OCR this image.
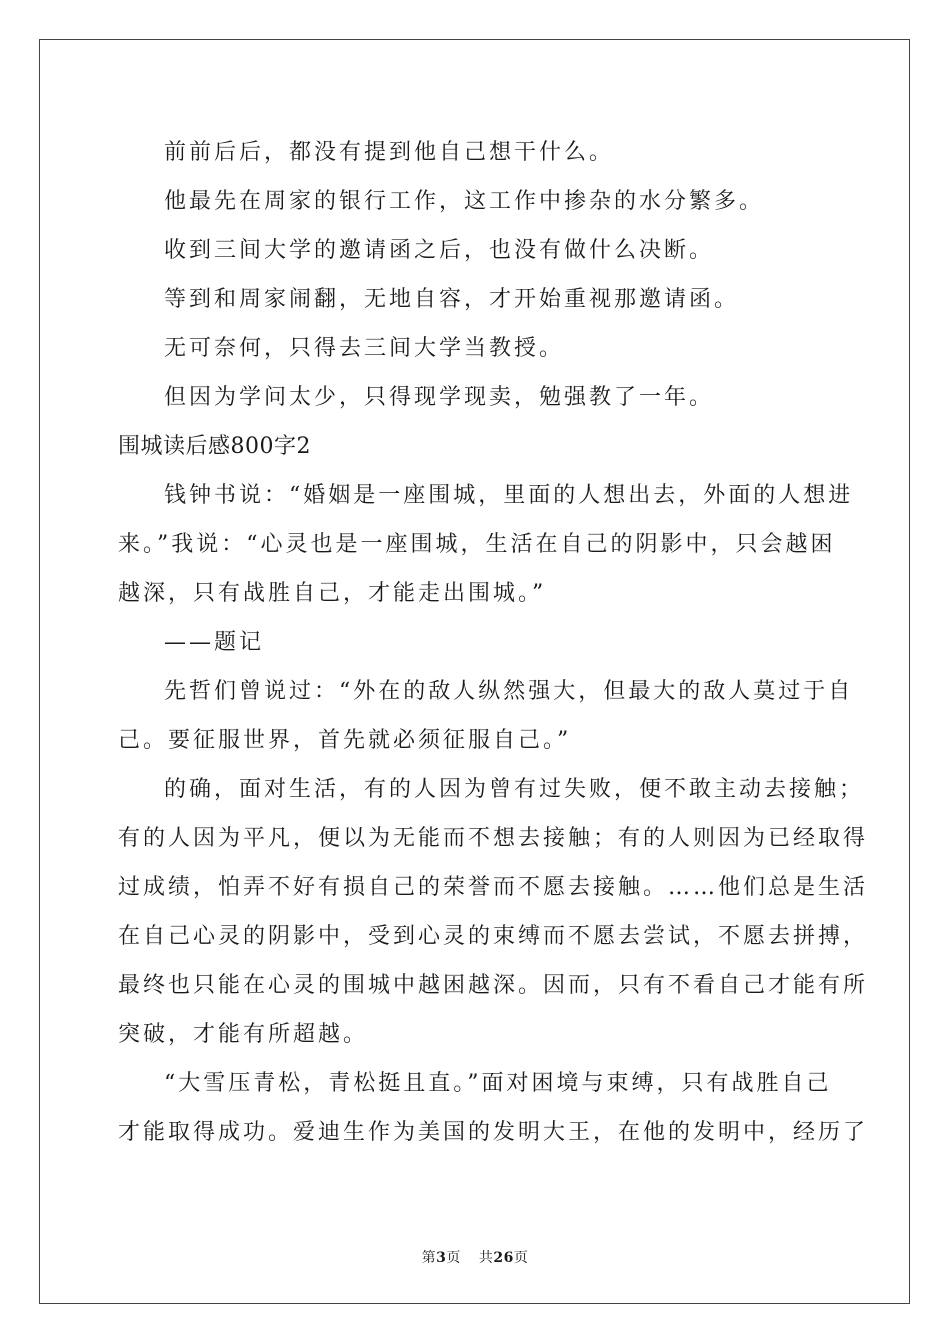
前前后后，都没有提到他自己想干什么。
他最先在周家的银行工作，这工作中掺杂的水分繁多。
收到三间大学的邀请函之后，也没有做什么决断。
等到和周家闹翻，无地自容，才开始重视那邀请函。
无可奈何，只得去三间大学当教授。
但因为学问太少，只得现学现卖，勉强教了一年。
围城读后感800字2
钱钟书说：“婚姻是一座围城，里面的人想出去，外面的人想进
来。”我说：“心灵也是一座围城，生活在自己的阴影中，只会越困
越深，只有战胜自己，才能走出围城。”
——题记
先哲们曾说过：“外在的敌人纵然强大，但最大的敌人莫过于自
己。要征服世界，首先就必须征服自己。”
的确，面对生活，有的人因为曾有过失败，便不敢主动去接触；
有的人因为平凡，便以为无能而不想去接触；有的人则因为已经取得
过成绩，怕弄不好有损自己的荣誉而不愿去接触。……他们总是生活
在自己心灵的阴影中，受到心灵的束缚而不愿去尝试，不愿去拼搏，
最终也只能在心灵的围城中越困越深。因而，只有不看自己才能有所
突破，才能有所超越。
“大雪压青松，青松挺且直。”面对困境与束缚，只有战胜自己
才能取得成功。爱迪生作为美国的发明大王，在他的发明中，经历了
第3页 共26页
